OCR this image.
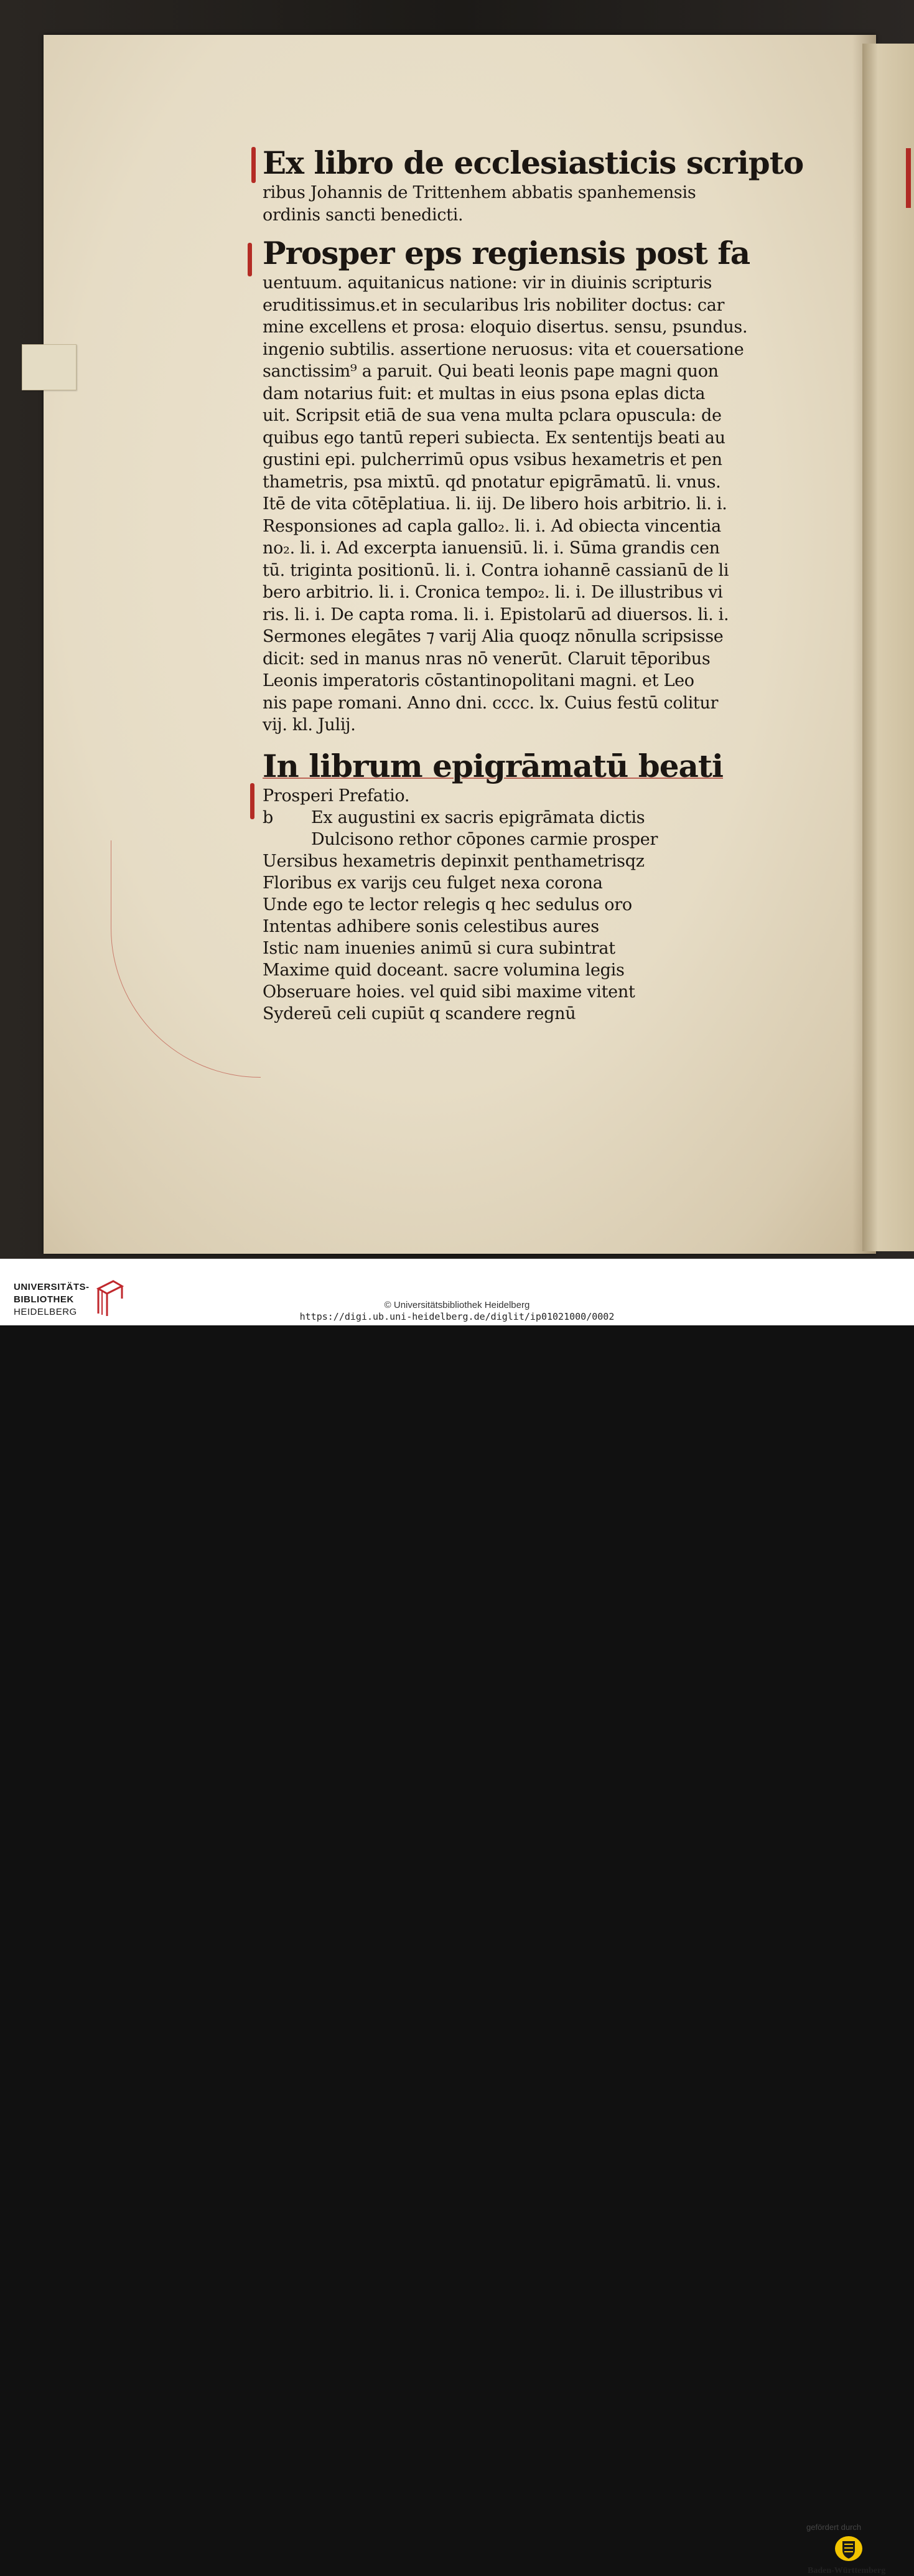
Ex libro de ecclesiasticis scripto

ribus Johannis de Trittenhem abbatis spanhemensis

ordinis sancti benedicti.

Prosper eps regiensis post fa

uentuum. aquitanicus natione: vir in diuinis scripturis

eruditissimus.et in secularibus lris nobiliter doctus: car

mine excellens et prosa: eloquio disertus. sensu, psundus.

ingenio subtilis. assertione neruosus: vita et couersatione

sanctissim⁹ a paruit. Qui beati leonis pape magni quon

dam notarius fuit: et multas in eius psona eplas dicta

uit. Scripsit etiā de sua vena multa pclara opuscula: de

quibus ego tantū reperi subiecta. Ex sententijs beati au

gustini epi. pulcherrimū opus vsibus hexametris et pen

thametris, psa mixtū. qd pnotatur epigrāmatū. li. vnus.

Itē de vita cōtēplatiua. li. iij. De libero hois arbitrio. li. i.

Responsiones ad capla gallo₂. li. i. Ad obiecta vincentia

no₂. li. i. Ad excerpta ianuensiū. li. i. Sūma grandis cen

tū. triginta positionū. li. i. Contra iohannē cassianū de li

bero arbitrio. li. i. Cronica tempo₂. li. i. De illustribus vi

ris. li. i. De capta roma. li. i. Epistolarū ad diuersos. li. i.

Sermones elegātes ⁊ varij Alia quoqz nōnulla scripsisse

dicit: sed in manus nras nō venerūt. Claruit tēporibus

Leonis imperatoris cōstantinopolitani magni. et Leo

nis pape romani. Anno dni. cccc. lx. Cuius festū colitur

vij. kl. Julij.

In librum epigrāmatū beati

Prosperi Prefatio.

b Ex augustini ex sacris epigrāmata dictis

Dulcisono rethor cōpones carmie prosper

Uersibus hexametris depinxit penthametrisqz

Floribus ex varijs ceu fulget nexa corona

Unde ego te lector relegis q hec sedulus oro

Intentas adhibere sonis celestibus aures

Istic nam inuenies animū si cura subintrat

Maxime quid doceant. sacre volumina legis

Obseruare hoies. vel quid sibi maxime vitent

Sydereū celi cupiūt q scandere regnū

UNIVERSITÄTS-
BIBLIOTHEK
HEIDELBERG
gefördert durch
Baden-Württemberg
© Universitätsbibliothek Heidelberg
https://digi.ub.uni-heidelberg.de/diglit/ip01021000/0002
